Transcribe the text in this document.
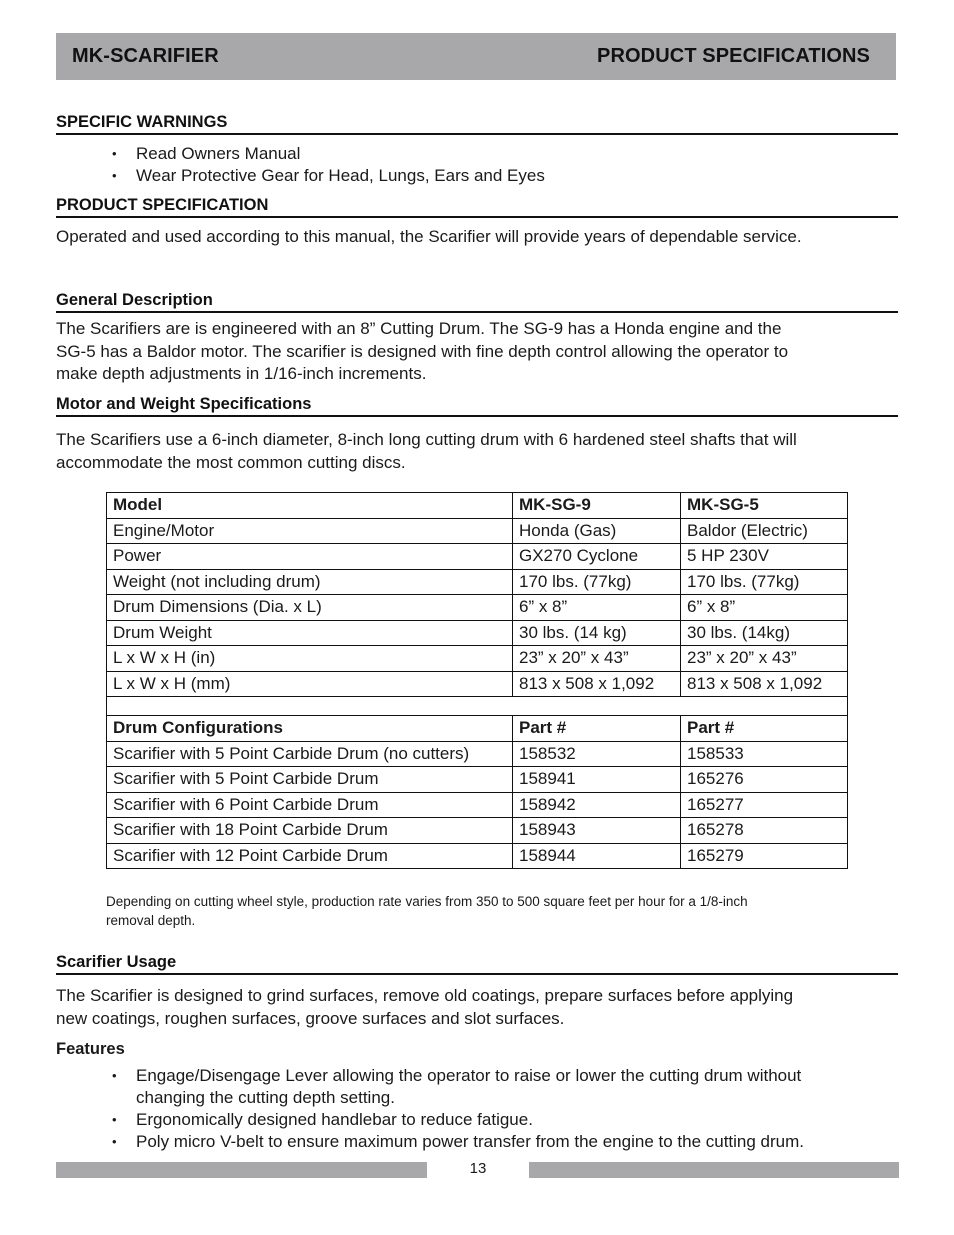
MK-SCARIFIER	PRODUCT SPECIFICATIONS
SPECIFIC WARNINGS
• Read Owners Manual
• Wear Protective Gear for Head, Lungs, Ears and Eyes
PRODUCT SPECIFICATION
Operated and used according to this manual, the Scarifier will provide years of dependable service.
General Description
The Scarifiers are is engineered with an 8” Cutting Drum. The SG-9 has a Honda engine and the
SG-5 has a Baldor motor. The scarifier is designed with fine depth control allowing the operator to
make depth adjustments in 1/16-inch increments.
Motor and Weight Specifications
The Scarifiers use a 6-inch diameter, 8-inch long cutting drum with 6 hardened steel shafts that will
accommodate the most common cutting discs.
Model	MK-SG-9	MK-SG-5
Engine/Motor	Honda (Gas)	Baldor (Electric)
Power	GX270 Cyclone	5 HP 230V
Weight (not including drum)	170 lbs. (77kg)	170 lbs. (77kg)
Drum Dimensions (Dia. x L)	6” x 8”	6” x 8”
Drum Weight	30 lbs. (14 kg)	30 lbs. (14kg)
L x W x H (in)	23” x 20” x 43”	23” x 20” x 43”
L x W x H (mm)	813 x 508 x 1,092	813 x 508 x 1,092

Drum Configurations	Part #	Part #
Scarifier with 5 Point Carbide Drum (no cutters)	158532	158533
Scarifier with 5 Point Carbide Drum	158941	165276
Scarifier with 6 Point Carbide Drum	158942	165277
Scarifier with 18 Point Carbide Drum	158943	165278
Scarifier with 12 Point Carbide Drum	158944	165279
Depending on cutting wheel style, production rate varies from 350 to 500 square feet per hour for a 1/8-inch
removal depth.
Scarifier Usage
The Scarifier is designed to grind surfaces, remove old coatings, prepare surfaces before applying
new coatings, roughen surfaces, groove surfaces and slot surfaces.
Features
• Engage/Disengage Lever allowing the operator to raise or lower the cutting drum without
changing the cutting depth setting.
• Ergonomically designed handlebar to reduce fatigue.
• Poly micro V-belt to ensure maximum power transfer from the engine to the cutting drum.
13
